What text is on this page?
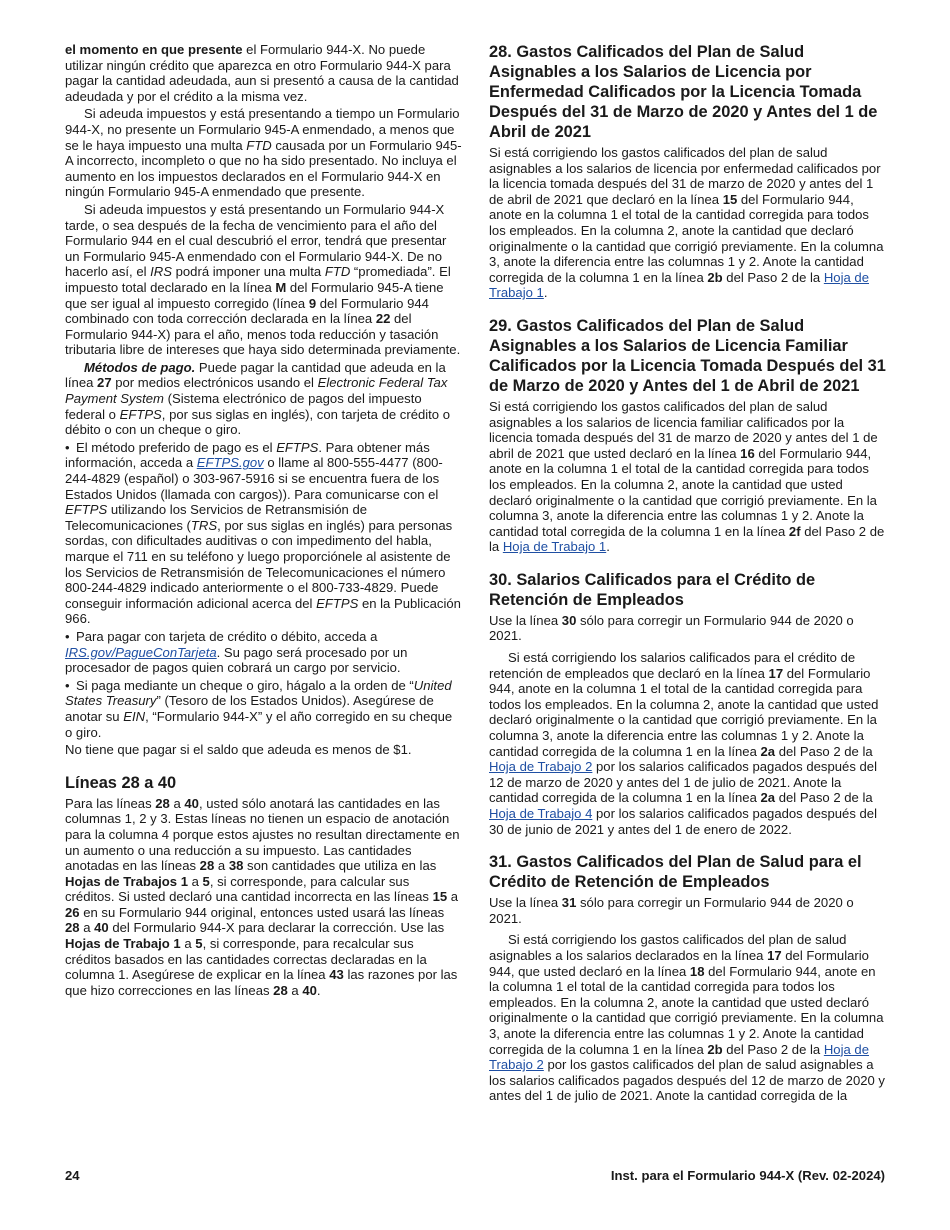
el momento en que presente el Formulario 944-X. No puede utilizar ningún crédito que aparezca en otro Formulario 944-X para pagar la cantidad adeudada, aun si presentó a causa de la cantidad adeudada y por el crédito a la misma vez.

Si adeuda impuestos y está presentando a tiempo un Formulario 944-X, no presente un Formulario 945-A enmendado, a menos que se le haya impuesto una multa FTD causada por un Formulario 945-A incorrecto, incompleto o que no ha sido presentado. No incluya el aumento en los impuestos declarados en el Formulario 944-X en ningún Formulario 945-A enmendado que presente.

Si adeuda impuestos y está presentando un Formulario 944-X tarde, o sea después de la fecha de vencimiento para el año del Formulario 944 en el cual descubrió el error, tendrá que presentar un Formulario 945-A enmendado con el Formulario 944-X. De no hacerlo así, el IRS podrá imponer una multa FTD “promediada”. El impuesto total declarado en la línea M del Formulario 945-A tiene que ser igual al impuesto corregido (línea 9 del Formulario 944 combinado con toda corrección declarada en la línea 22 del Formulario 944-X) para el año, menos toda reducción y tasación tributaria libre de intereses que haya sido determinada previamente.

Métodos de pago. Puede pagar la cantidad que adeuda en la línea 27 por medios electrónicos usando el Electronic Federal Tax Payment System (Sistema electrónico de pagos del impuesto federal o EFTPS, por sus siglas en inglés), con tarjeta de crédito o débito o con un cheque o giro.

• El método preferido de pago es el EFTPS. Para obtener más información, acceda a EFTPS.gov o llame al 800-555-4477 (800-244-4829 (español) o 303-967-5916 si se encuentra fuera de los Estados Unidos (llamada con cargos)). Para comunicarse con el EFTPS utilizando los Servicios de Retransmisión de Telecomunicaciones (TRS, por sus siglas en inglés) para personas sordas, con dificultades auditivas o con impedimento del habla, marque el 711 en su teléfono y luego proporciónele al asistente de los Servicios de Retransmisión de Telecomunicaciones el número 800-244-4829 indicado anteriormente o el 800-733-4829. Puede conseguir información adicional acerca del EFTPS en la Publicación 966.

• Para pagar con tarjeta de crédito o débito, acceda a IRS.gov/PagueConTarjeta. Su pago será procesado por un procesador de pagos quien cobrará un cargo por servicio.

• Si paga mediante un cheque o giro, hágalo a la orden de “United States Treasury” (Tesoro de los Estados Unidos). Asegúrese de anotar su EIN, “Formulario 944-X” y el año corregido en su cheque o giro.

No tiene que pagar si el saldo que adeuda es menos de $1.

Líneas 28 a 40

Para las líneas 28 a 40, usted sólo anotará las cantidades en las columnas 1, 2 y 3. Estas líneas no tienen un espacio de anotación para la columna 4 porque estos ajustes no resultan directamente en un aumento o una reducción a su impuesto. Las cantidades anotadas en las líneas 28 a 38 son cantidades que utiliza en las Hojas de Trabajos 1 a 5, si corresponde, para calcular sus créditos. Si usted declaró una cantidad incorrecta en las líneas 15 a 26 en su Formulario 944 original, entonces usted usará las líneas 28 a 40 del Formulario 944-X para declarar la corrección. Use las Hojas de Trabajo 1 a 5, si corresponde, para recalcular sus créditos basados en las cantidades correctas declaradas en la columna 1. Asegúrese de explicar en la línea 43 las razones por las que hizo correcciones en las líneas 28 a 40.

28. Gastos Calificados del Plan de Salud Asignables a los Salarios de Licencia por Enfermedad Calificados por la Licencia Tomada Después del 31 de Marzo de 2020 y Antes del 1 de Abril de 2021

Si está corrigiendo los gastos calificados del plan de salud asignables a los salarios de licencia por enfermedad calificados por la licencia tomada después del 31 de marzo de 2020 y antes del 1 de abril de 2021 que declaró en la línea 15 del Formulario 944, anote en la columna 1 el total de la cantidad corregida para todos los empleados. En la columna 2, anote la cantidad que declaró originalmente o la cantidad que corrigió previamente. En la columna 3, anote la diferencia entre las columnas 1 y 2. Anote la cantidad corregida de la columna 1 en la línea 2b del Paso 2 de la Hoja de Trabajo 1.

29. Gastos Calificados del Plan de Salud Asignables a los Salarios de Licencia Familiar Calificados por la Licencia Tomada Después del 31 de Marzo de 2020 y Antes del 1 de Abril de 2021

Si está corrigiendo los gastos calificados del plan de salud asignables a los salarios de licencia familiar calificados por la licencia tomada después del 31 de marzo de 2020 y antes del 1 de abril de 2021 que usted declaró en la línea 16 del Formulario 944, anote en la columna 1 el total de la cantidad corregida para todos los empleados. En la columna 2, anote la cantidad que usted declaró originalmente o la cantidad que corrigió previamente. En la columna 3, anote la diferencia entre las columnas 1 y 2. Anote la cantidad total corregida de la columna 1 en la línea 2f del Paso 2 de la Hoja de Trabajo 1.

30. Salarios Calificados para el Crédito de Retención de Empleados

Use la línea 30 sólo para corregir un Formulario 944 de 2020 o 2021.

Si está corrigiendo los salarios calificados para el crédito de retención de empleados que declaró en la línea 17 del Formulario 944, anote en la columna 1 el total de la cantidad corregida para todos los empleados. En la columna 2, anote la cantidad que usted declaró originalmente o la cantidad que corrigió previamente. En la columna 3, anote la diferencia entre las columnas 1 y 2. Anote la cantidad corregida de la columna 1 en la línea 2a del Paso 2 de la Hoja de Trabajo 2 por los salarios calificados pagados después del 12 de marzo de 2020 y antes del 1 de julio de 2021. Anote la cantidad corregida de la columna 1 en la línea 2a del Paso 2 de la Hoja de Trabajo 4 por los salarios calificados pagados después del 30 de junio de 2021 y antes del 1 de enero de 2022.

31. Gastos Calificados del Plan de Salud para el Crédito de Retención de Empleados

Use la línea 31 sólo para corregir un Formulario 944 de 2020 o 2021.

Si está corrigiendo los gastos calificados del plan de salud asignables a los salarios declarados en la línea 17 del Formulario 944, que usted declaró en la línea 18 del Formulario 944, anote en la columna 1 el total de la cantidad corregida para todos los empleados. En la columna 2, anote la cantidad que usted declaró originalmente o la cantidad que corrigió previamente. En la columna 3, anote la diferencia entre las columnas 1 y 2. Anote la cantidad corregida de la columna 1 en la línea 2b del Paso 2 de la Hoja de Trabajo 2 por los gastos calificados del plan de salud asignables a los salarios calificados pagados después del 12 de marzo de 2020 y antes del 1 de julio de 2021. Anote la cantidad corregida de la

24	Inst. para el Formulario 944-X (Rev. 02-2024)
